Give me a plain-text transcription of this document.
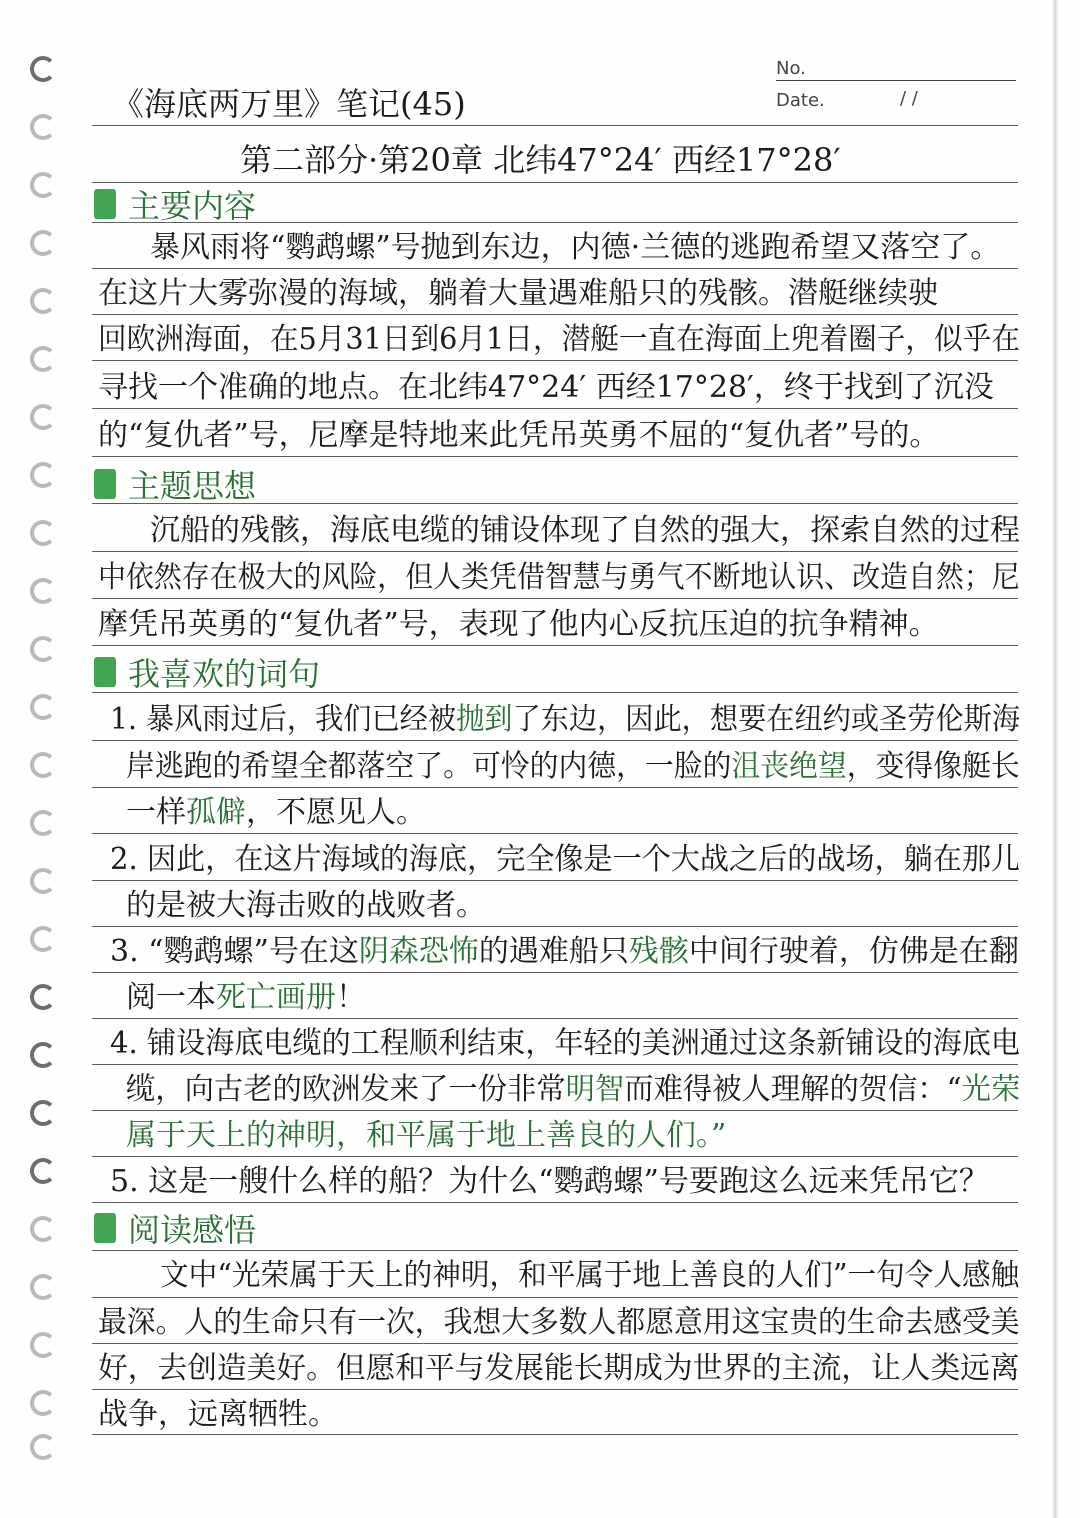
No.
Date.	/ /
《海底两万里》笔记(45)
第二部分·第20章 北纬47°24′ 西经17°28′
主要内容
暴风雨将“鹦鹉螺”号抛到东边，内德·兰德的逃跑希望又落空了。
在这片大雾弥漫的海域，躺着大量遇难船只的残骸。潜艇继续驶
回欧洲海面，在5月31日到6月1日，潜艇一直在海面上兜着圈子，似乎在
寻找一个准确的地点。在北纬47°24′ 西经17°28′，终于找到了沉没
的“复仇者”号，尼摩是特地来此凭吊英勇不屈的“复仇者”号的。
主题思想
沉船的残骸，海底电缆的铺设体现了自然的强大，探索自然的过程
中依然存在极大的风险，但人类凭借智慧与勇气不断地认识、改造自然；尼
摩凭吊英勇的“复仇者”号，表现了他内心反抗压迫的抗争精神。
我喜欢的词句
1. 暴风雨过后，我们已经被抛到了东边，因此，想要在纽约或圣劳伦斯海
岸逃跑的希望全都落空了。可怜的内德，一脸的沮丧绝望，变得像艇长
一样孤僻，不愿见人。
2. 因此，在这片海域的海底，完全像是一个大战之后的战场，躺在那儿
的是被大海击败的战败者。
3. “鹦鹉螺”号在这阴森恐怖的遇难船只残骸中间行驶着，仿佛是在翻
阅一本死亡画册！
4. 铺设海底电缆的工程顺利结束，年轻的美洲通过这条新铺设的海底电
缆，向古老的欧洲发来了一份非常明智而难得被人理解的贺信：“光荣
属于天上的神明，和平属于地上善良的人们。”
5. 这是一艘什么样的船？为什么“鹦鹉螺”号要跑这么远来凭吊它？
阅读感悟
文中“光荣属于天上的神明，和平属于地上善良的人们”一句令人感触
最深。人的生命只有一次，我想大多数人都愿意用这宝贵的生命去感受美
好，去创造美好。但愿和平与发展能长期成为世界的主流，让人类远离
战争，远离牺牲。
